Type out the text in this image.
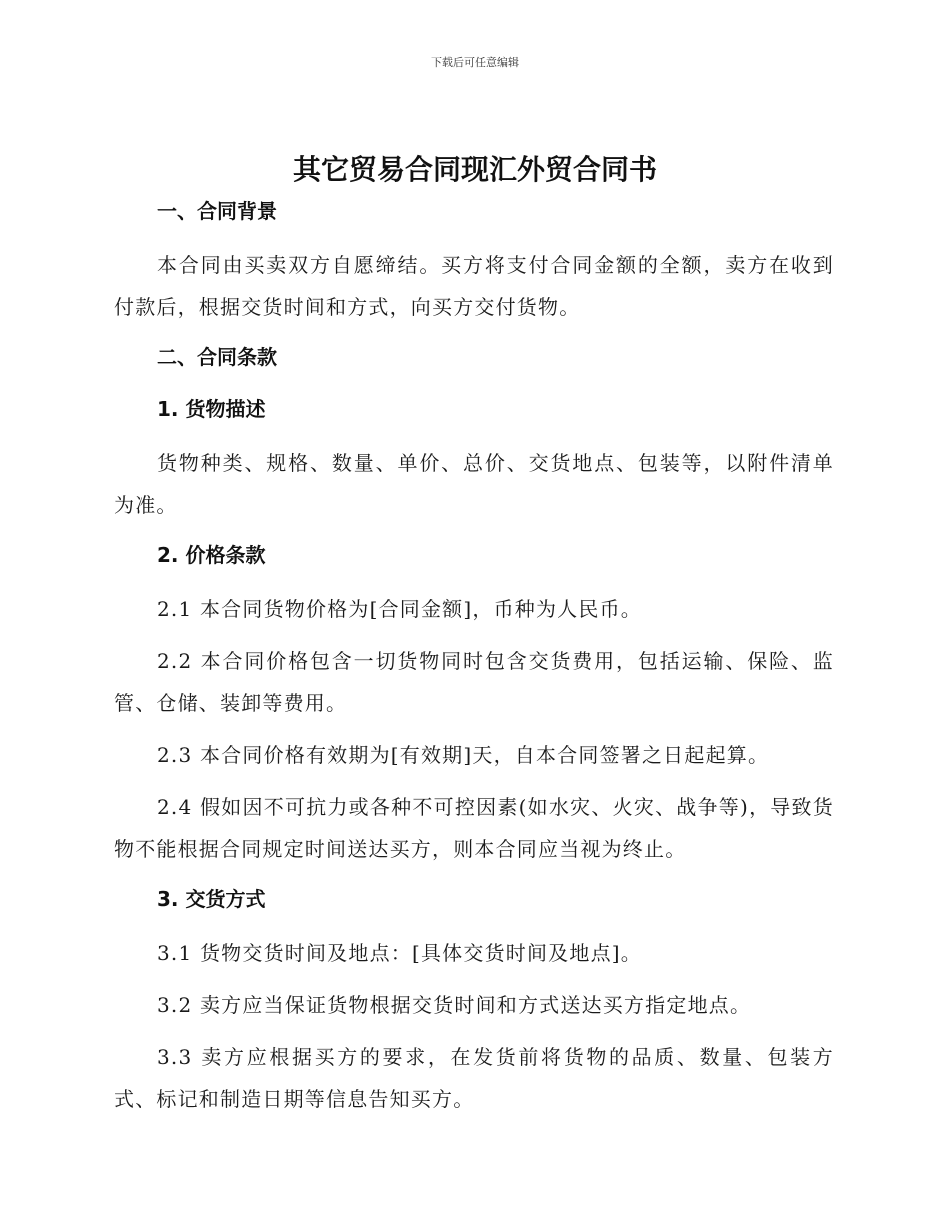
下载后可任意编辑
其它贸易合同现汇外贸合同书
一、合同背景
本合同由买卖双方自愿缔结。买方将支付合同金额的全额，卖方在收到付款后，根据交货时间和方式，向买方交付货物。
二、合同条款
1. 货物描述
货物种类、规格、数量、单价、总价、交货地点、包装等，以附件清单为准。
2. 价格条款
2.1 本合同货物价格为[合同金额]，币种为人民币。
2.2 本合同价格包含一切货物同时包含交货费用，包括运输、保险、监管、仓储、装卸等费用。
2.3 本合同价格有效期为[有效期]天，自本合同签署之日起起算。
2.4 假如因不可抗力或各种不可控因素(如水灾、火灾、战争等)，导致货物不能根据合同规定时间送达买方，则本合同应当视为终止。
3. 交货方式
3.1 货物交货时间及地点：[具体交货时间及地点]。
3.2 卖方应当保证货物根据交货时间和方式送达买方指定地点。
3.3 卖方应根据买方的要求，在发货前将货物的品质、数量、包装方式、标记和制造日期等信息告知买方。
